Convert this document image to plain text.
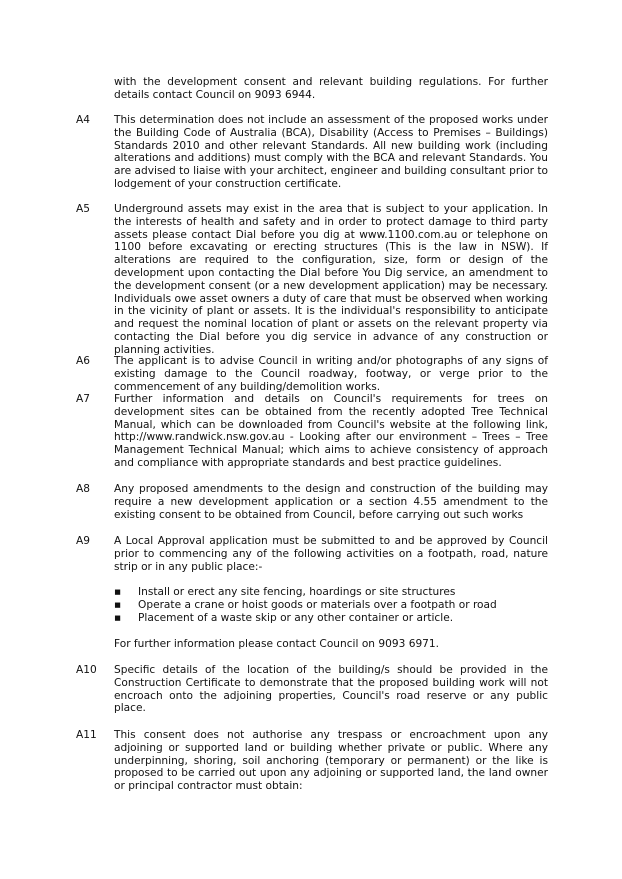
with the development consent and relevant building regulations. For further details contact Council on 9093 6944.
A4	This determination does not include an assessment of the proposed works under the Building Code of Australia (BCA), Disability (Access to Premises – Buildings) Standards 2010 and other relevant Standards. All new building work (including alterations and additions) must comply with the BCA and relevant Standards. You are advised to liaise with your architect, engineer and building consultant prior to lodgement of your construction certificate.
A5	Underground assets may exist in the area that is subject to your application. In the interests of health and safety and in order to protect damage to third party assets please contact Dial before you dig at www.1100.com.au or telephone on 1100 before excavating or erecting structures (This is the law in NSW). If alterations are required to the configuration, size, form or design of the development upon contacting the Dial before You Dig service, an amendment to the development consent (or a new development application) may be necessary. Individuals owe asset owners a duty of care that must be observed when working in the vicinity of plant or assets. It is the individual's responsibility to anticipate and request the nominal location of plant or assets on the relevant property via contacting the Dial before you dig service in advance of any construction or planning activities.
A6	The applicant is to advise Council in writing and/or photographs of any signs of existing damage to the Council roadway, footway, or verge prior to the commencement of any building/demolition works.
A7	Further information and details on Council's requirements for trees on development sites can be obtained from the recently adopted Tree Technical Manual, which can be downloaded from Council's website at the following link, http://www.randwick.nsw.gov.au - Looking after our environment – Trees – Tree Management Technical Manual; which aims to achieve consistency of approach and compliance with appropriate standards and best practice guidelines.
A8	Any proposed amendments to the design and construction of the building may require a new development application or a section 4.55 amendment to the existing consent to be obtained from Council, before carrying out such works
A9	A Local Approval application must be submitted to and be approved by Council prior to commencing any of the following activities on a footpath, road, nature strip or in any public place:-
▪ Install or erect any site fencing, hoardings or site structures
▪ Operate a crane or hoist goods or materials over a footpath or road
▪ Placement of a waste skip or any other container or article.
For further information please contact Council on 9093 6971.
A10	Specific details of the location of the building/s should be provided in the Construction Certificate to demonstrate that the proposed building work will not encroach onto the adjoining properties, Council's road reserve or any public place.
A11	This consent does not authorise any trespass or encroachment upon any adjoining or supported land or building whether private or public. Where any underpinning, shoring, soil anchoring (temporary or permanent) or the like is proposed to be carried out upon any adjoining or supported land, the land owner or principal contractor must obtain:
